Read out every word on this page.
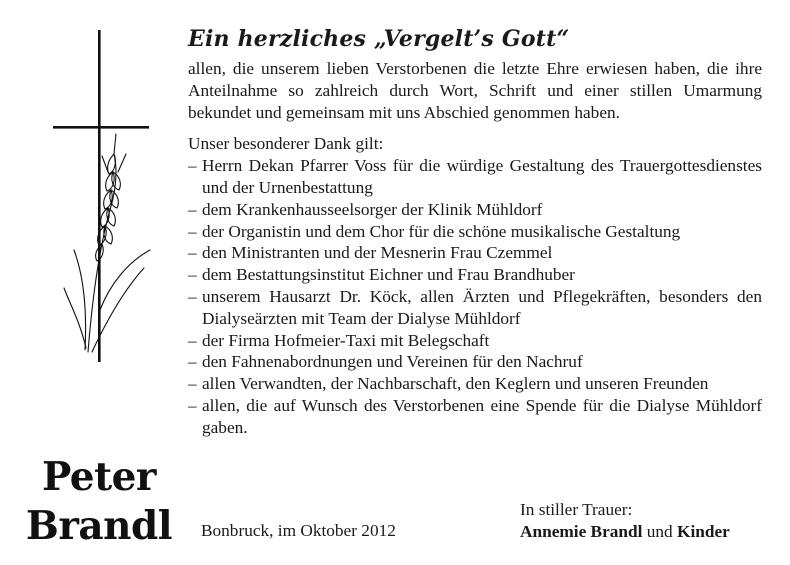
Peter
Brandl
Ein herzliches „Vergelt’s Gott“

allen, die unserem lieben Verstorbenen die letzte Ehre erwiesen haben, die ihre Anteilnahme so zahlreich durch Wort, Schrift und einer stillen Umarmung bekundet und gemeinsam mit uns Abschied genommen haben.

Unser besonderer Dank gilt:

– Herrn Dekan Pfarrer Voss für die würdige Gestaltung des Trauergottesdienstes und der Urnenbestattung
– dem Krankenhausseelsorger der Klinik Mühldorf
– der Organistin und dem Chor für die schöne musikalische Gestaltung
– den Ministranten und der Mesnerin Frau Czemmel
– dem Bestattungsinstitut Eichner und Frau Brandhuber
– unserem Hausarzt Dr. Köck, allen Ärzten und Pflegekräften, besonders den Dialyseärzten mit Team der Dialyse Mühldorf
– der Firma Hofmeier-Taxi mit Belegschaft
– den Fahnenabordnungen und Vereinen für den Nachruf
– allen Verwandten, der Nachbarschaft, den Keglern und unseren Freunden
– allen, die auf Wunsch des Verstorbenen eine Spende für die Dialyse Mühldorf gaben.
Bonbruck, im Oktober 2012
In stiller Trauer:
Annemie Brandl und Kinder
